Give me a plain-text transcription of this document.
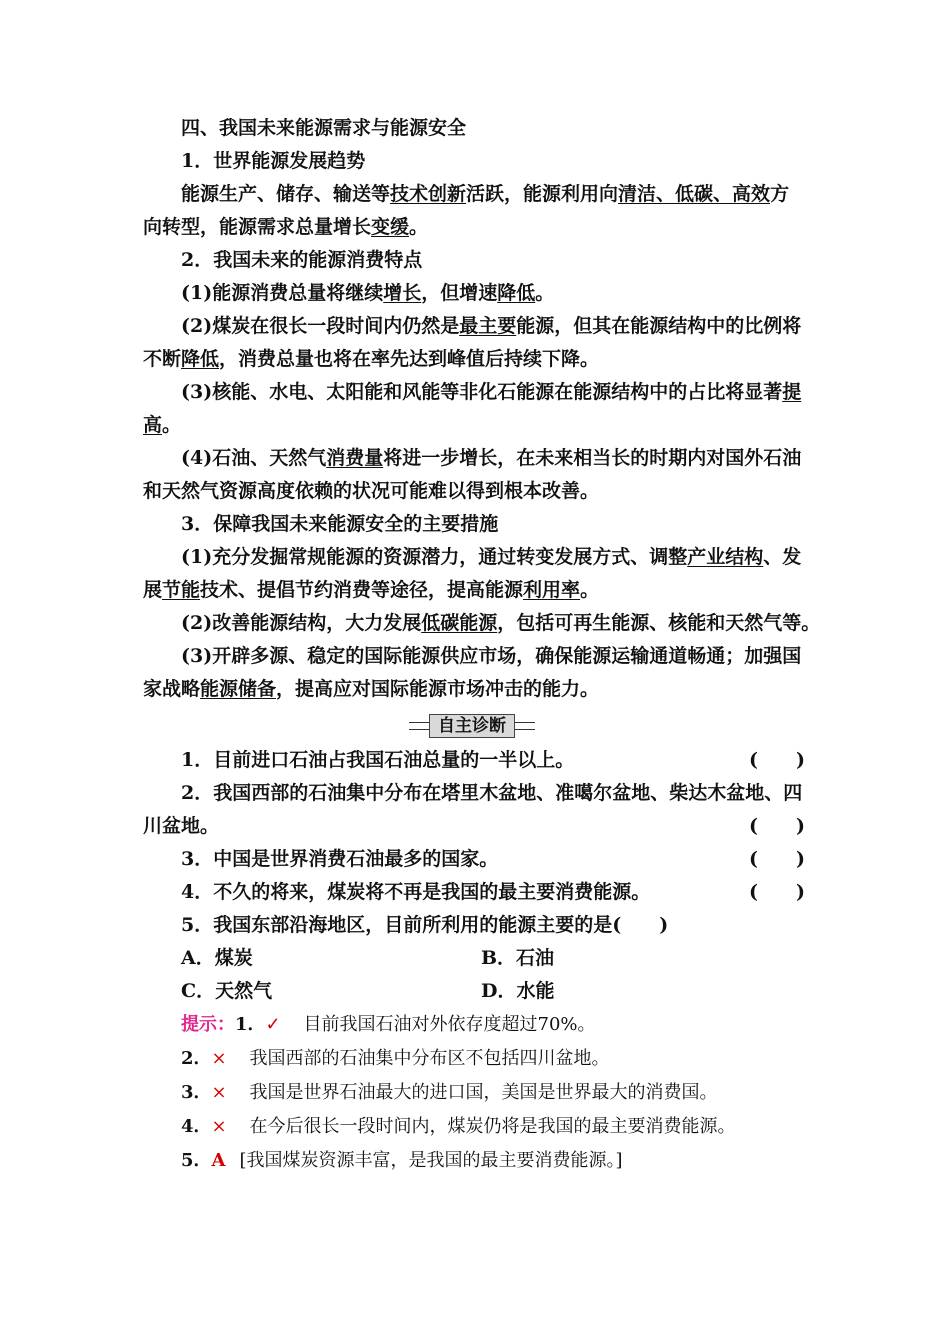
四、我国未来能源需求与能源安全
1．世界能源发展趋势
能源生产、储存、输送等技术创新活跃，能源利用向清洁、低碳、高效方
向转型，能源需求总量增长变缓。
2．我国未来的能源消费特点
(1)能源消费总量将继续增长，但增速降低。
(2)煤炭在很长一段时间内仍然是最主要能源，但其在能源结构中的比例将
不断降低，消费总量也将在率先达到峰值后持续下降。
(3)核能、水电、太阳能和风能等非化石能源在能源结构中的占比将显著提
高。
(4)石油、天然气消费量将进一步增长，在未来相当长的时期内对国外石油
和天然气资源高度依赖的状况可能难以得到根本改善。
3．保障我国未来能源安全的主要措施
(1)充分发掘常规能源的资源潜力，通过转变发展方式、调整产业结构、发
展节能技术、提倡节约消费等途径，提高能源利用率。
(2)改善能源结构，大力发展低碳能源，包括可再生能源、核能和天然气等。
(3)开辟多源、稳定的国际能源供应市场，确保能源运输通道畅通；加强国
家战略能源储备，提高应对国际能源市场冲击的能力。
自主诊断
1．目前进口石油占我国石油总量的一半以上。	(　　)
2．我国西部的石油集中分布在塔里木盆地、准噶尔盆地、柴达木盆地、四
川盆地。	(　　)
3．中国是世界消费石油最多的国家。	(　　)
4．不久的将来，煤炭将不再是我国的最主要消费能源。	(　　)
5．我国东部沿海地区，目前所利用的能源主要的是(　　)
A．煤炭	B．石油
C．天然气	D．水能
提示：1．✓ 目前我国石油对外依存度超过70%。
2．× 我国西部的石油集中分布区不包括四川盆地。
3．× 我国是世界石油最大的进口国，美国是世界最大的消费国。
4．× 在今后很长一段时间内，煤炭仍将是我国的最主要消费能源。
5．A [我国煤炭资源丰富，是我国的最主要消费能源。]
